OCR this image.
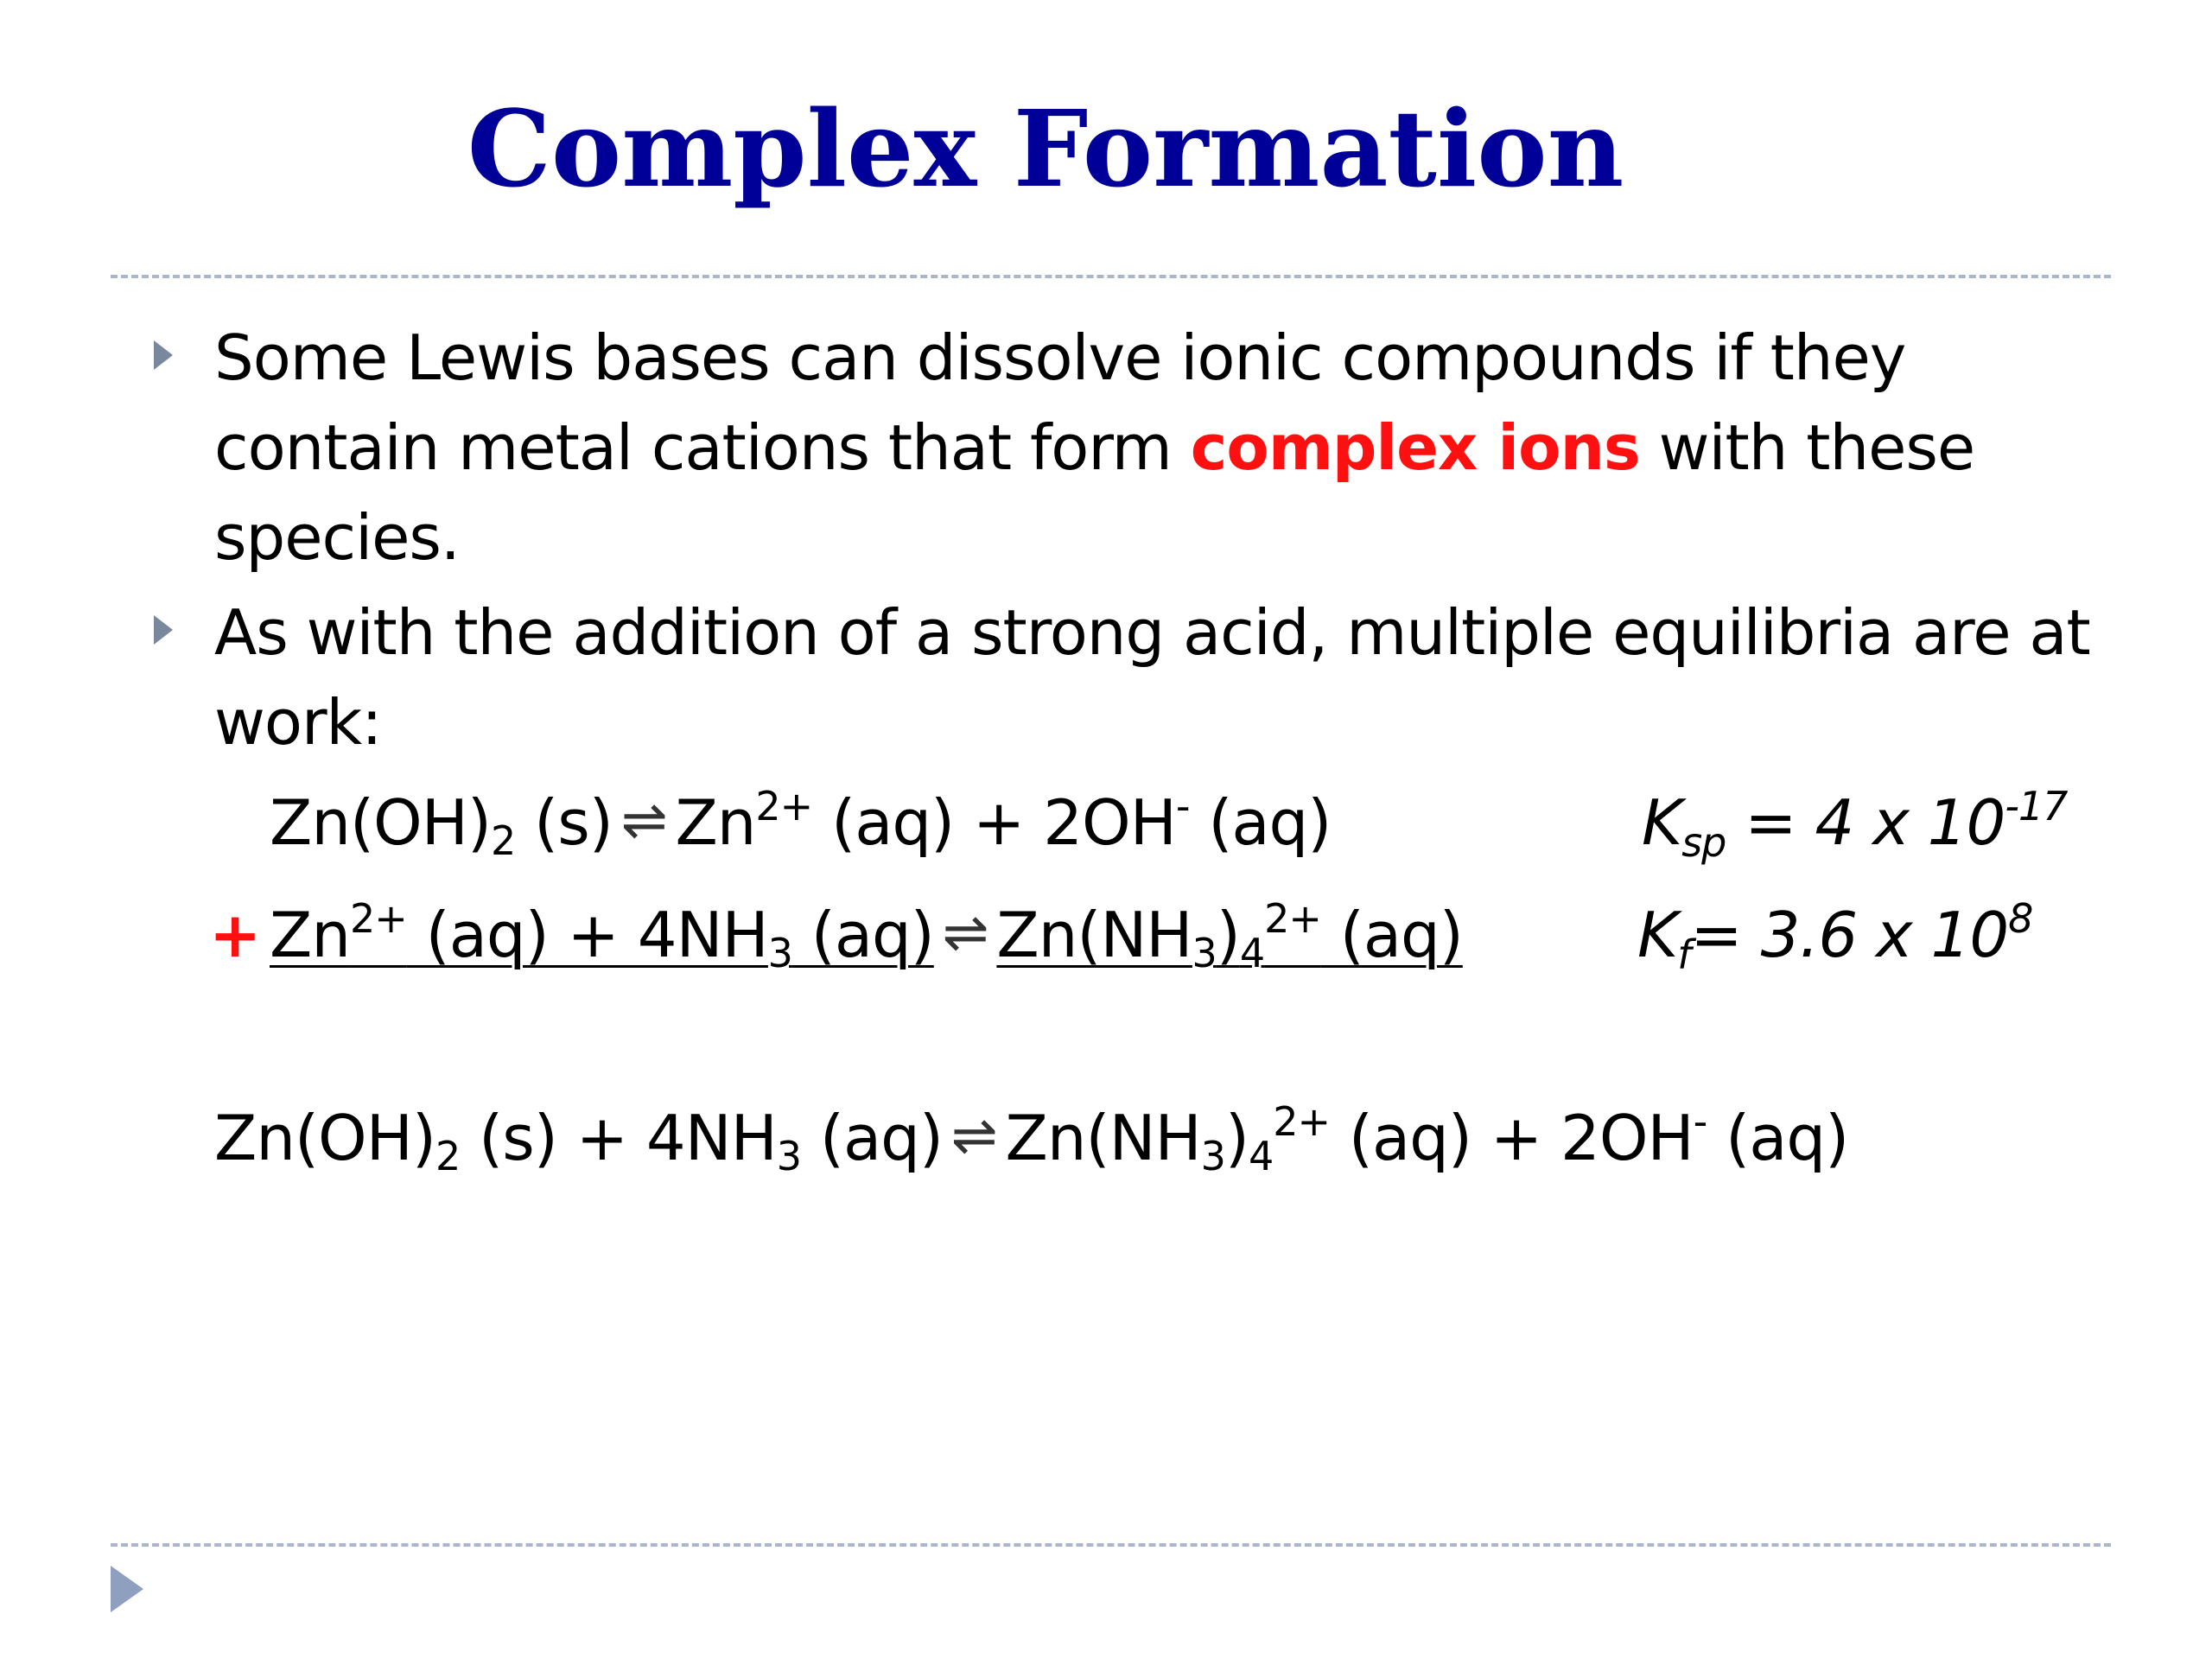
Complex Formation
Some Lewis bases can dissolve ionic compounds if they contain metal cations that form complex ions with these species.
As with the addition of a strong acid, multiple equilibria are at work:
$Zn(OH)_2$ (s) ⇌ $Zn^{2+}$ (aq) + 2OH- (aq)	$K_{sp} = 4$ x $10^{-17}$
+ $Zn^{2+}$ $(aq) + 4NH_3$ (aq) ⇌ $Zn(NH_3)_4^{2+}$ (aq)	$K_f= 3.6$ x $10^8$
$Zn(OH)_2$ $(s) + 4NH_3$ (aq) ⇌ $Zn(NH_3)_4^{2+}$ (aq) + 2OH- (aq)
